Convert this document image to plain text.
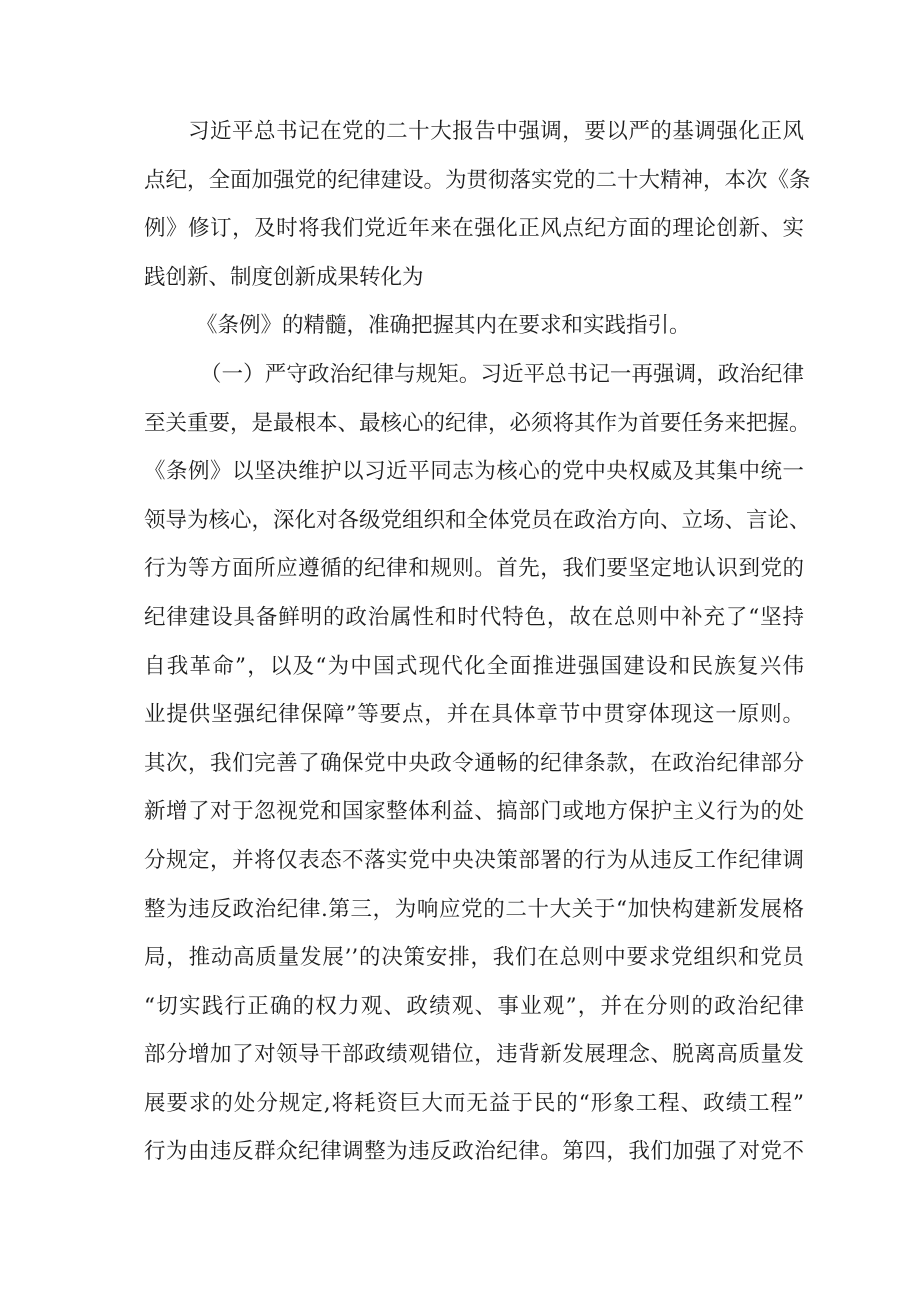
习近平总书记在党的二十大报告中强调，要以严的基调强化正风
点纪，全面加强党的纪律建设。为贯彻落实党的二十大精神，本次《条
例》修订，及时将我们党近年来在强化正风点纪方面的理论创新、实
践创新、制度创新成果转化为
《条例》的精髓，准确把握其内在要求和实践指引。
（一）严守政治纪律与规矩。习近平总书记一再强调，政治纪律
至关重要，是最根本、最核心的纪律，必须将其作为首要任务来把握。
《条例》以坚决维护以习近平同志为核心的党中央权威及其集中统一
领导为核心，深化对各级党组织和全体党员在政治方向、立场、言论、
行为等方面所应遵循的纪律和规则。首先，我们要坚定地认识到党的
纪律建设具备鲜明的政治属性和时代特色，故在总则中补充了“坚持
自我革命”，以及“为中国式现代化全面推进强国建设和民族复兴伟
业提供坚强纪律保障”等要点，并在具体章节中贯穿体现这一原则。
其次，我们完善了确保党中央政令通畅的纪律条款，在政治纪律部分
新增了对于忽视党和国家整体利益、搞部门或地方保护主义行为的处
分规定，并将仅表态不落实党中央决策部署的行为从违反工作纪律调
整为违反政治纪律.第三，为响应党的二十大关于“加快构建新发展格
局，推动高质量发展’’的决策安排，我们在总则中要求党组织和党员
“切实践行正确的权力观、政绩观、事业观”，并在分则的政治纪律
部分增加了对领导干部政绩观错位，违背新发展理念、脱离高质量发
展要求的处分规定,将耗资巨大而无益于民的“形象工程、政绩工程”
行为由违反群众纪律调整为违反政治纪律。第四，我们加强了对党不
